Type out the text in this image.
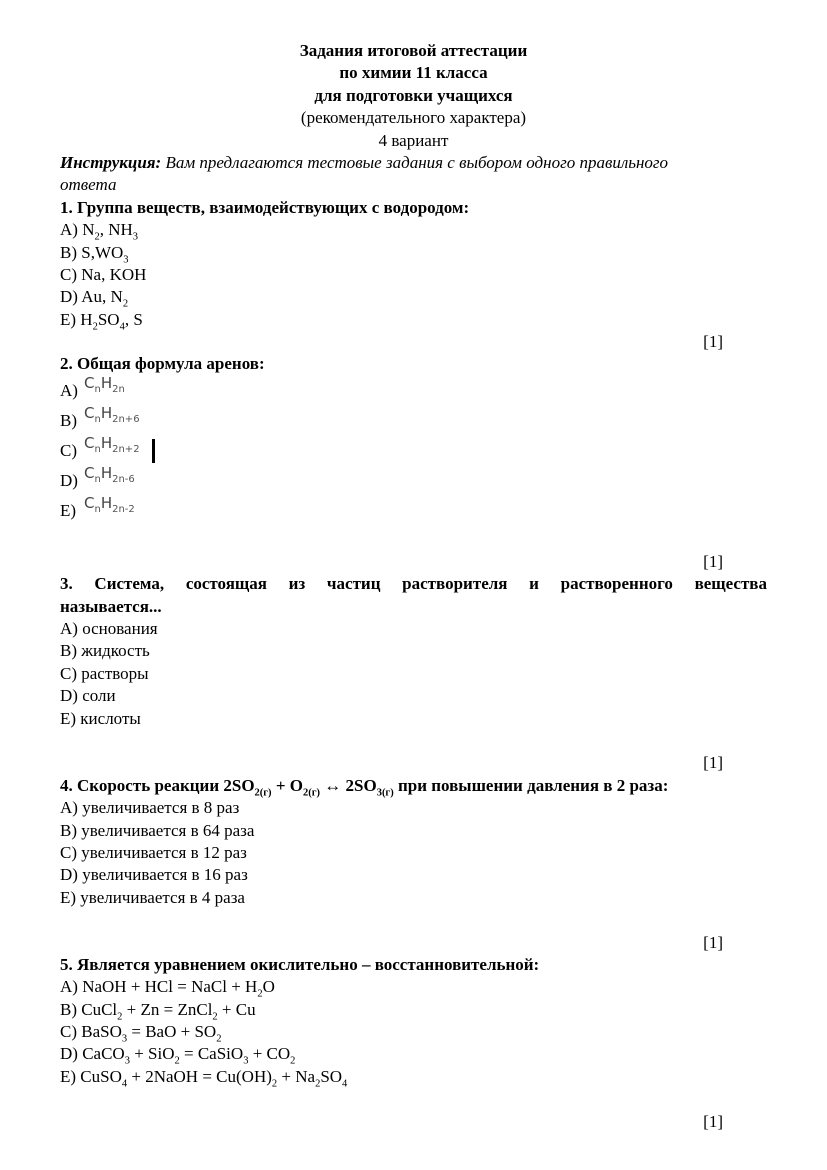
Задания итоговой аттестации
по химии 11 класса
для подготовки учащихся
(рекомендательного характера)
4 вариант
Инструкция: Вам предлагаются тестовые задания с выбором одного правильного
ответа
1. Группа веществ, взаимодействующих с водородом:
A) $N_2$, $NH_3$
B) $S,WO_3$
C) Na, KOH
D) Au, $N_2$
E) $H_2SO_4$, S
[1]
2. Общая формула аренов:
A) $C_nH_{2n}$
B) $C_nH_{2n+6}$
C) $C_nH_{2n+2}$
D) $C_nH_{2n-6}$
E) $C_nH_{2n-2}$
[1]
3. Система, состоящая из частиц растворителя и растворенного вещества
называется...
A) основания
B) жидкость
C) растворы
D) соли
E) кислоты
[1]
4. Скорость реакции $2SO_{2(г)} + O_{2(г)}$ ↔ $2SO_{3(г)}$ при повышении давления в 2 раза:
A) увеличивается в 8 раз
B) увеличивается в 64 раза
C) увеличивается в 12 раз
D) увеличивается в 16 раз
E) увеличивается в 4 раза
[1]
5. Является уравнением окислительно – восстанновительной:
A) NaOH + HCl = NaCl + $H_2O$
B) CuCl$_2$ + Zn = ZnCl$_2$ + Cu
C) BaSO$_3$ = BaO + $SO_2$
D) CaCO$_3$ + SiO$_2$ = CaSiO$_3$ + $CO_2$
E) CuSO$_4$ + 2NaOH = $Cu(OH)_2 + Na_2SO_4$
[1]
